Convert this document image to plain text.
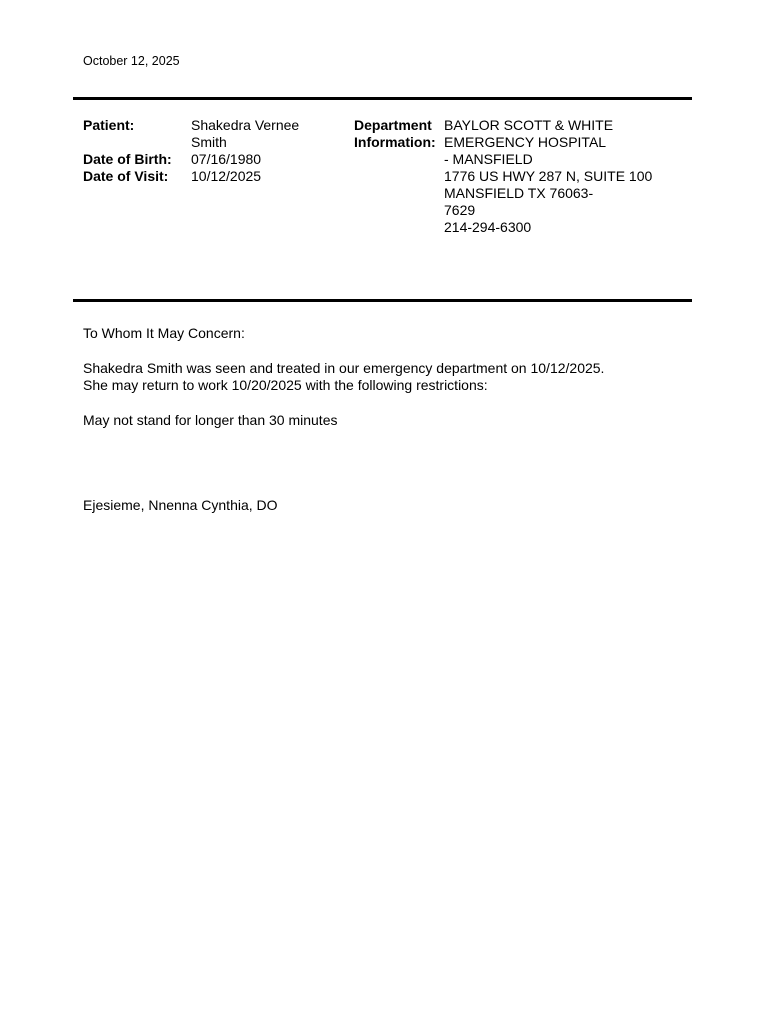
October 12, 2025
Patient:
Date of Birth:
Date of Visit:
Shakedra Vernee
Smith
07/16/1980
10/12/2025
Department
Information:
BAYLOR SCOTT & WHITE
EMERGENCY HOSPITAL
- MANSFIELD
1776 US HWY 287 N, SUITE 100
MANSFIELD TX 76063-
7629
214-294-6300
To Whom It May Concern:
Shakedra Smith was seen and treated in our emergency department on 10/12/2025.
She may return to work 10/20/2025 with the following restrictions:
May not stand for longer than 30 minutes
Ejesieme, Nnenna Cynthia, DO
